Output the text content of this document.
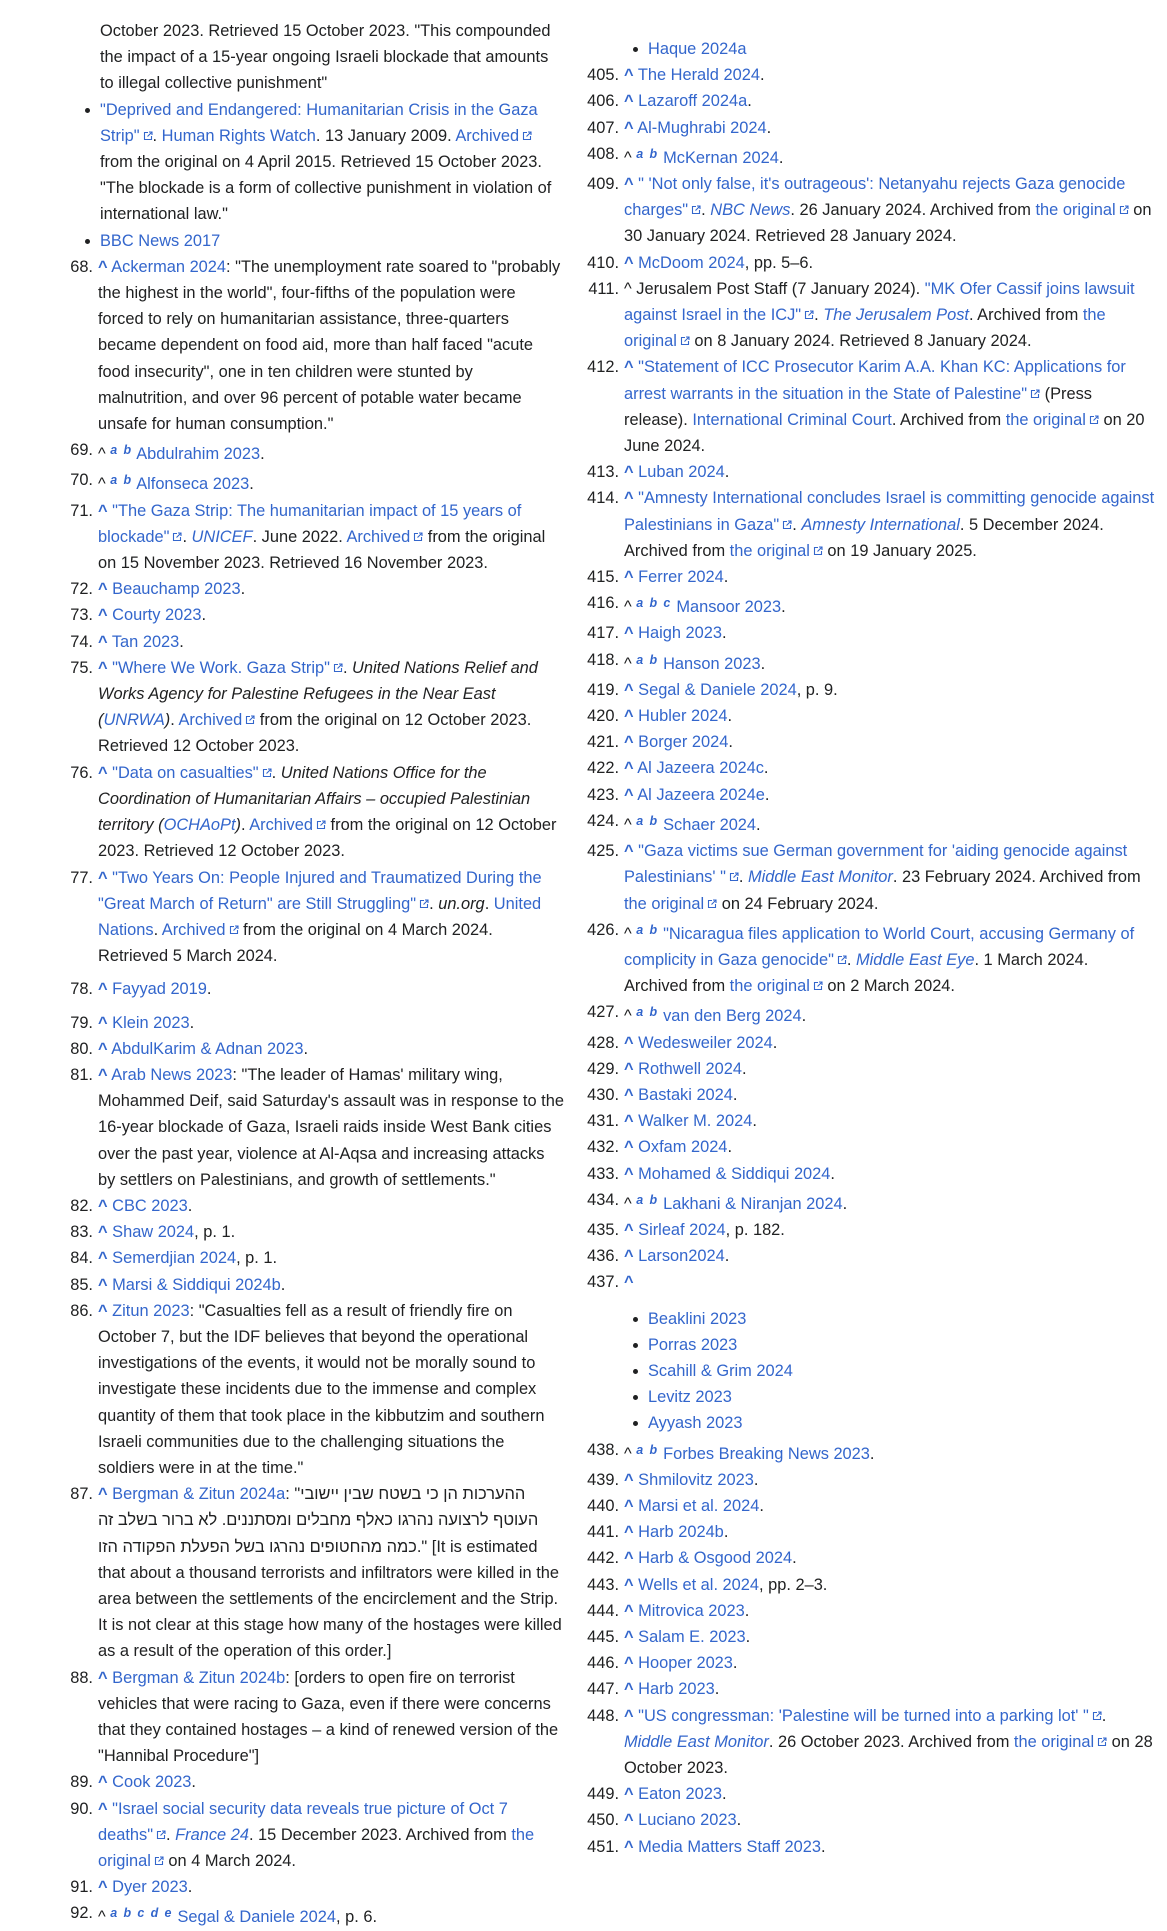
October 2023. Retrieved 15 October 2023. "This compounded the impact of a 15-year ongoing Israeli blockade that amounts to illegal collective punishment"
"Deprived and Endangered: Humanitarian Crisis in the Gaza Strip" . Human Rights Watch. 13 January 2009. Archived from the original on 4 April 2015. Retrieved 15 October 2023. "The blockade is a form of collective punishment in violation of international law."
BBC News 2017
68. ^ Ackerman 2024: "The unemployment rate soared to "probably the highest in the world", four-fifths of the population were forced to rely on humanitarian assistance, three-quarters became dependent on food aid, more than half faced "acute food insecurity", one in ten children were stunted by malnutrition, and over 96 percent of potable water became unsafe for human consumption."
69. ^ $^{a b}$ Abdulrahim 2023.
70. ^ $^{a b}$ Alfonseca 2023.
71. ^ "The Gaza Strip: The humanitarian impact of 15 years of blockade" . UNICEF. June 2022. Archived from the original on 15 November 2023. Retrieved 16 November 2023.
72. ^ Beauchamp 2023.
73. ^ Courty 2023.
74. ^ Tan 2023.
75. ^ "Where We Work. Gaza Strip" . United Nations Relief and Works Agency for Palestine Refugees in the Near East (UNRWA). Archived from the original on 12 October 2023. Retrieved 12 October 2023.
76. ^ "Data on casualties" . United Nations Office for the Coordination of Humanitarian Affairs – occupied Palestinian territory (OCHAoPt). Archived from the original on 12 October 2023. Retrieved 12 October 2023.
77. ^ "Two Years On: People Injured and Traumatized During the "Great March of Return" are Still Struggling" . un.org. United Nations. Archived from the original on 4 March 2024. Retrieved 5 March 2024.
78. ^ Fayyad 2019.
79. ^ Klein 2023.
80. ^ AbdulKarim & Adnan 2023.
81. ^ Arab News 2023: "The leader of Hamas' military wing, Mohammed Deif, said Saturday's assault was in response to the 16-year blockade of Gaza, Israeli raids inside West Bank cities over the past year, violence at Al-Aqsa and increasing attacks by settlers on Palestinians, and growth of settlements."
82. ^ CBC 2023.
83. ^ Shaw 2024, p. 1.
84. ^ Semerdjian 2024, p. 1.
85. ^ Marsi & Siddiqui 2024b.
86. ^ Zitun 2023: "Casualties fell as a result of friendly fire on October 7, but the IDF believes that beyond the operational investigations of the events, it would not be morally sound to investigate these incidents due to the immense and complex quantity of them that took place in the kibbutzim and southern Israeli communities due to the challenging situations the soldiers were in at the time."
87. ^ Bergman & Zitun 2024a: "ההערכות הן כי בשטח שבין יישובי העוטף לרצועה נהרגו כאלף מחבלים ומסתננים. לא ברור בשלב זה כמה מהחטופים נהרגו בשל הפעלת הפקודה הזו." [It is estimated that about a thousand terrorists and infiltrators were killed in the area between the settlements of the encirclement and the Strip. It is not clear at this stage how many of the hostages were killed as a result of the operation of this order.]
88. ^ Bergman & Zitun 2024b: [orders to open fire on terrorist vehicles that were racing to Gaza, even if there were concerns that they contained hostages – a kind of renewed version of the "Hannibal Procedure"]
89. ^ Cook 2023.
90. ^ "Israel social security data reveals true picture of Oct 7 deaths" . France 24. 15 December 2023. Archived from the original on 4 March 2024.
91. ^ Dyer 2023.
92. ^ $^{a b c d e}$ Segal & Daniele 2024, p. 6.
Haque 2024a
405. ^ The Herald 2024.
406. ^ Lazaroff 2024a.
407. ^ Al-Mughrabi 2024.
408. ^ $^{a b}$ McKernan 2024.
409. ^ " 'Not only false, it's outrageous': Netanyahu rejects Gaza genocide charges" . NBC News. 26 January 2024. Archived from the original on 30 January 2024. Retrieved 28 January 2024.
410. ^ McDoom 2024, pp. 5–6.
411. ^ Jerusalem Post Staff (7 January 2024). "MK Ofer Cassif joins lawsuit against Israel in the ICJ" . The Jerusalem Post. Archived from the original on 8 January 2024. Retrieved 8 January 2024.
412. ^ "Statement of ICC Prosecutor Karim A.A. Khan KC: Applications for arrest warrants in the situation in the State of Palestine" (Press release). International Criminal Court. Archived from the original on 20 June 2024.
413. ^ Luban 2024.
414. ^ "Amnesty International concludes Israel is committing genocide against Palestinians in Gaza" . Amnesty International. 5 December 2024. Archived from the original on 19 January 2025.
415. ^ Ferrer 2024.
416. ^ $^{a b c}$ Mansoor 2023.
417. ^ Haigh 2023.
418. ^ $^{a b}$ Hanson 2023.
419. ^ Segal & Daniele 2024, p. 9.
420. ^ Hubler 2024.
421. ^ Borger 2024.
422. ^ Al Jazeera 2024c.
423. ^ Al Jazeera 2024e.
424. ^ $^{a b}$ Schaer 2024.
425. ^ "Gaza victims sue German government for 'aiding genocide against Palestinians' " . Middle East Monitor. 23 February 2024. Archived from the original on 24 February 2024.
426. ^ $^{a b}$ "Nicaragua files application to World Court, accusing Germany of complicity in Gaza genocide" . Middle East Eye. 1 March 2024. Archived from the original on 2 March 2024.
427. ^ $^{a b}$ van den Berg 2024.
428. ^ Wedesweiler 2024.
429. ^ Rothwell 2024.
430. ^ Bastaki 2024.
431. ^ Walker M. 2024.
432. ^ Oxfam 2024.
433. ^ Mohamed & Siddiqui 2024.
434. ^ $^{a b}$ Lakhani & Niranjan 2024.
435. ^ Sirleaf 2024, p. 182.
436. ^ Larson2024.
437. ^
Beaklini 2023
Porras 2023
Scahill & Grim 2024
Levitz 2023
Ayyash 2023
438. ^ $^{a b}$ Forbes Breaking News 2023.
439. ^ Shmilovitz 2023.
440. ^ Marsi et al. 2024.
441. ^ Harb 2024b.
442. ^ Harb & Osgood 2024.
443. ^ Wells et al. 2024, pp. 2–3.
444. ^ Mitrovica 2023.
445. ^ Salam E. 2023.
446. ^ Hooper 2023.
447. ^ Harb 2023.
448. ^ "US congressman: 'Palestine will be turned into a parking lot' " . Middle East Monitor. 26 October 2023. Archived from the original on 28 October 2023.
449. ^ Eaton 2023.
450. ^ Luciano 2023.
451. ^ Media Matters Staff 2023.
